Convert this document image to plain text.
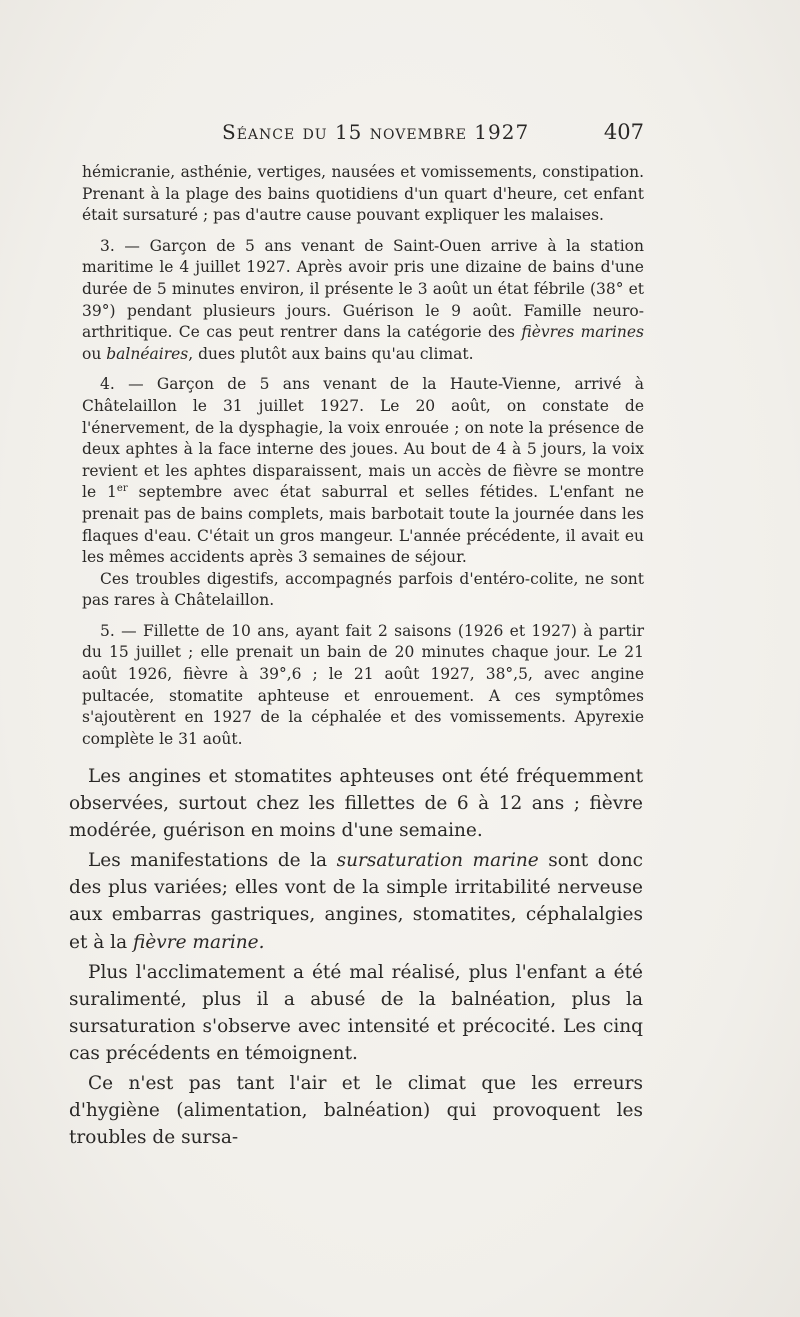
Séance du 15 novembre 1927	407

hémicranie, asthénie, vertiges, nausées et vomissements, constipation. Prenant à la plage des bains quotidiens d'un quart d'heure, cet enfant était sursaturé ; pas d'autre cause pouvant expliquer les malaises.

3. — Garçon de 5 ans venant de Saint-Ouen arrive à la station maritime le 4 juillet 1927. Après avoir pris une dizaine de bains d'une durée de 5 minutes environ, il présente le 3 août un état fébrile (38° et 39°) pendant plusieurs jours. Guérison le 9 août. Famille neuro-arthritique. Ce cas peut rentrer dans la catégorie des fièvres marines ou balnéaires, dues plutôt aux bains qu'au climat.

4. — Garçon de 5 ans venant de la Haute-Vienne, arrivé à Châtelaillon le 31 juillet 1927. Le 20 août, on constate de l'énervement, de la dysphagie, la voix enrouée ; on note la présence de deux aphtes à la face interne des joues. Au bout de 4 à 5 jours, la voix revient et les aphtes disparaissent, mais un accès de fièvre se montre le 1er septembre avec état saburral et selles fétides. L'enfant ne prenait pas de bains complets, mais barbotait toute la journée dans les flaques d'eau. C'était un gros mangeur. L'année précédente, il avait eu les mêmes accidents après 3 semaines de séjour.

Ces troubles digestifs, accompagnés parfois d'entéro-colite, ne sont pas rares à Châtelaillon.

5. — Fillette de 10 ans, ayant fait 2 saisons (1926 et 1927) à partir du 15 juillet ; elle prenait un bain de 20 minutes chaque jour. Le 21 août 1926, fièvre à 39°,6 ; le 21 août 1927, 38°,5, avec angine pultacée, stomatite aphteuse et enrouement. A ces symptômes s'ajoutèrent en 1927 de la céphalée et des vomissements. Apyrexie complète le 31 août.

Les angines et stomatites aphteuses ont été fréquemment observées, surtout chez les fillettes de 6 à 12 ans ; fièvre modérée, guérison en moins d'une semaine.

Les manifestations de la sursaturation marine sont donc des plus variées; elles vont de la simple irritabilité nerveuse aux embarras gastriques, angines, stomatites, céphalalgies et à la fièvre marine.

Plus l'acclimatement a été mal réalisé, plus l'enfant a été suralimenté, plus il a abusé de la balnéation, plus la sursaturation s'observe avec intensité et précocité. Les cinq cas précédents en témoignent.

Ce n'est pas tant l'air et le climat que les erreurs d'hygiène (alimentation, balnéation) qui provoquent les troubles de sursa-
